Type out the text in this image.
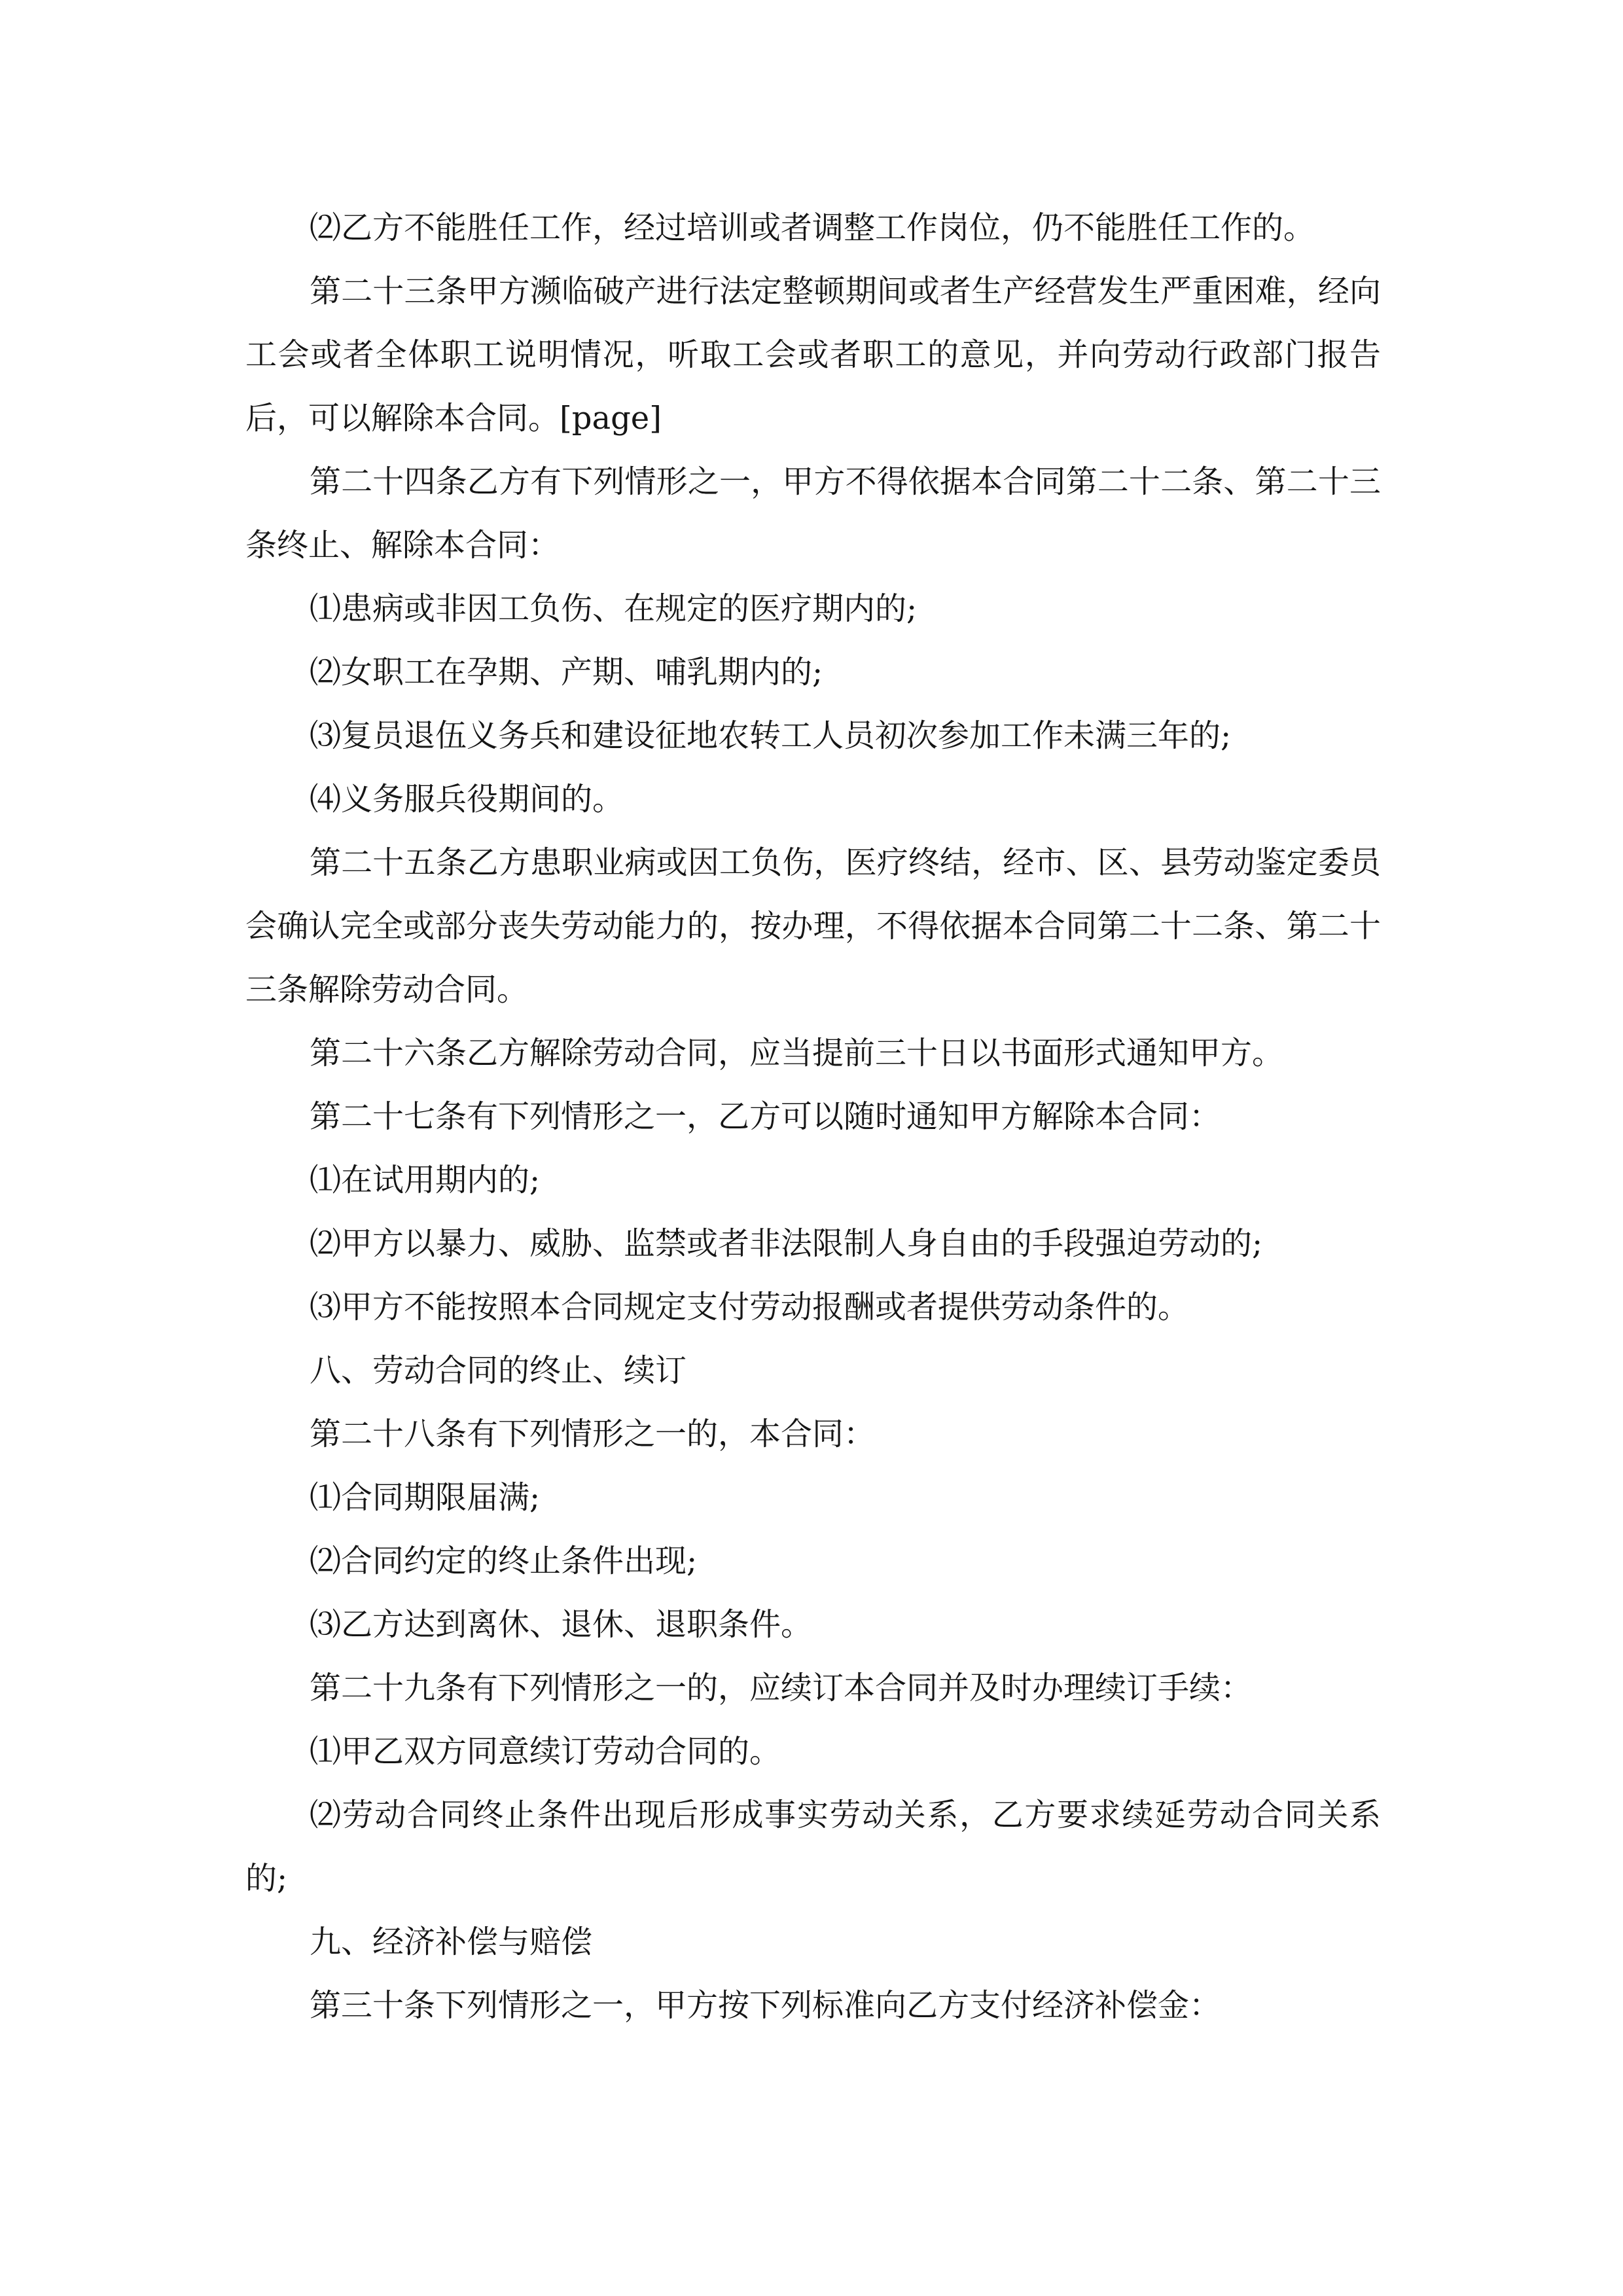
⑵乙方不能胜任工作，经过培训或者调整工作岗位，仍不能胜任工作的。

第二十三条甲方濒临破产进行法定整顿期间或者生产经营发生严重困难，经向工会或者全体职工说明情况，听取工会或者职工的意见，并向劳动行政部门报告后，可以解除本合同。[page]

第二十四条乙方有下列情形之一，甲方不得依据本合同第二十二条、第二十三条终止、解除本合同：

⑴患病或非因工负伤、在规定的医疗期内的;

⑵女职工在孕期、产期、哺乳期内的;

⑶复员退伍义务兵和建设征地农转工人员初次参加工作未满三年的;

⑷义务服兵役期间的。

第二十五条乙方患职业病或因工负伤，医疗终结，经市、区、县劳动鉴定委员会确认完全或部分丧失劳动能力的，按办理，不得依据本合同第二十二条、第二十三条解除劳动合同。

第二十六条乙方解除劳动合同，应当提前三十日以书面形式通知甲方。

第二十七条有下列情形之一，乙方可以随时通知甲方解除本合同：

⑴在试用期内的;

⑵甲方以暴力、威胁、监禁或者非法限制人身自由的手段强迫劳动的;

⑶甲方不能按照本合同规定支付劳动报酬或者提供劳动条件的。

八、劳动合同的终止、续订

第二十八条有下列情形之一的，本合同：

⑴合同期限届满;

⑵合同约定的终止条件出现;

⑶乙方达到离休、退休、退职条件。

第二十九条有下列情形之一的，应续订本合同并及时办理续订手续：

⑴甲乙双方同意续订劳动合同的。

⑵劳动合同终止条件出现后形成事实劳动关系，乙方要求续延劳动合同关系的;

九、经济补偿与赔偿

第三十条下列情形之一，甲方按下列标准向乙方支付经济补偿金：
